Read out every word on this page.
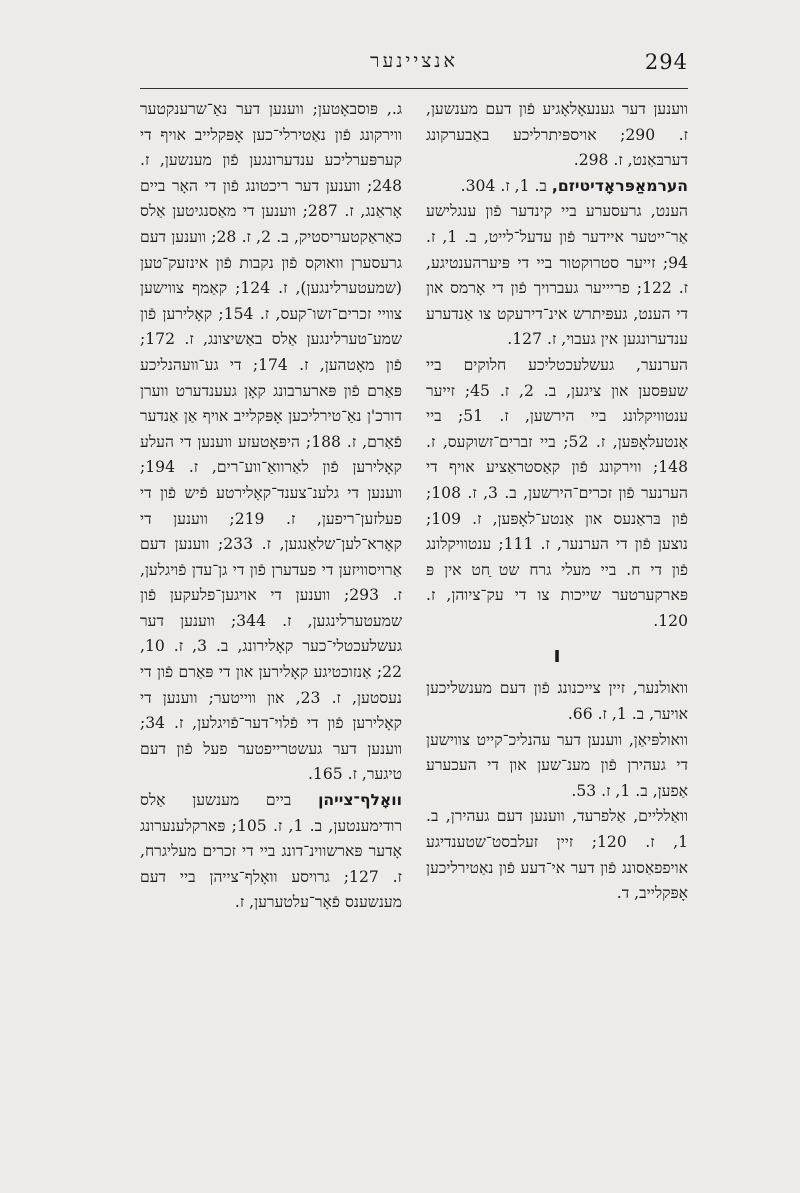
אנציינער	294

ווענען דער גענעאָלאָגיע פֿון דעם מענשען, ז. 290; אויספּיתרליכע באַבערקונג דערבּאַנט, ז. 298.

הערמאַפּראָדיטיזם, ב. 1, ז. 304.

הענט, גרעסערע ביי קינדער פֿון ענגלישע אַר־ייטער איידער פֿון עדעל־לייט, ב. 1, ז. 94; זייער סטרוקטור ביי די פּיערהענטיגע, ז. 122; פריייער געברויך פֿון די אָרמס און די הענט, געפּיתרש אינ־דירעקט צו אַנדערע ענדערונגען אין געבוי, ז. 127.

הערנער, געשלעכטליכע חלוקים ביי שעפּסען און ציגען, ב. 2, ז. 45; זייער ענטוויקלונג ביי הירשען, ז. 51; ביי אַנטעלאָפּען, ז. 52; ביי זברים־זשוקעס, ז. 148; ווירקונג פֿון קאַסטראַציע אויף די הערנער פֿון זכרים־הירשען, ב. 3, ז. 108; פֿון בּראַנעס און אַנטע־לאָפּען, ז. 109; נוצען פֿון די הערנער, ז. 111; ענטוויקלונג פֿון די ח. ביי מעלי גרח שט ַחט אין פּ פּארקערטער שייכות צו די עק־ציוהן, ז. 120.

ו

וואולנער, זיין צייכנונג פֿון דעם מענשליכען אויער, ב. 1, ז. 66.

וואולפּיאַן, ווענען דער עהנליכ־קייט צווישען די געהירן פֿון מענ־שען און די העכערע אַפען, ב. 1, ז. 53.

וואַלליים, אַלפרעד, ווענען דעם געהירן, ב. 1, ז. 120; זיין זעלבסט־שטענדיגע אויפפאַסונג פֿון דער אי־דעע פֿון נאַטירליכען אָפּקלייב, ד.

ג., פּוסבאָטען; ווענען דער נאַ־שרענקטער ווירקונג פֿון נאַטירלי־כען אָפּקלייב אויף די קערפּערליכע ענדערונגען פֿון מענשען, ז. 248; ווענען דער ריכטונג פֿון די האָר ביים אָראַנג, ז. 287; ווענען די מאַסנגיטען אַלס כאַראַקטעריסטיק, ב. 2, ז. 28; ווענען דעם גרעסערן וואוקס פֿון נקבות פֿון אינזעק־טען (שמעטערלינגען), ז. 124; קאַמף צווישען צוויי זכרים־זשו־קעס, ז. 154; קאָלירען פֿון שמע־טערלינגען אַלס באַשיצונג, ז. 172; פֿון מאָטהען, ז. 174; די גע־וועהנליכע פּאַרם פֿון פּארערבונג קאָן געענדערט ווערן דורכ'ן נאַ־טירליכען אָפּקלייב אויף אַן אַנדער פֿאַרם, ז. 188; היפּאָטעזע ווענען די העלע קאָלירען פֿון לאַרוואַ־ווע־רים, ז. 194; ווענען די גלענ־צענד־קאָלירטע פֿיש פֿון די פעלזען־ריפען, ז. 219; ווענען די קאָרא־לען־שלאַנגען, ז. 233; ווענען דעם אַרויסוויזען די פעדערן פֿון די גן־עדן פֿויגלען, ז. 293; ווענען די אויגען־פלעקען פֿון שמעטערלינגען, ז. 344; ווענען דער געשלעכטלי־כער קאָלירונג, ב. 3, ז. 10, 22; אַנזוכטיגע קאָלירען און די פּאַרם פֿון די נעסטען, ז. 23, און ווייטער; ווענען די קאָלירען פֿון די פֿלוי־דער־פֿויגלען, ז. 34; ווענען דער געשטרייפטער פעל פֿון דעם טיגער, ז. 165.

וואָלף־צייהן ביים מענשען אַלס רודימענטען, ב. 1, ז. 105; פּארקלענערונג אָדער פּארשווינ־דונג ביי די זכרים מעליגרח, ז. 127; גרויסע וואָלף־צייהן ביי דעם מענשענס פֿאָר־עלטערען, ז.
